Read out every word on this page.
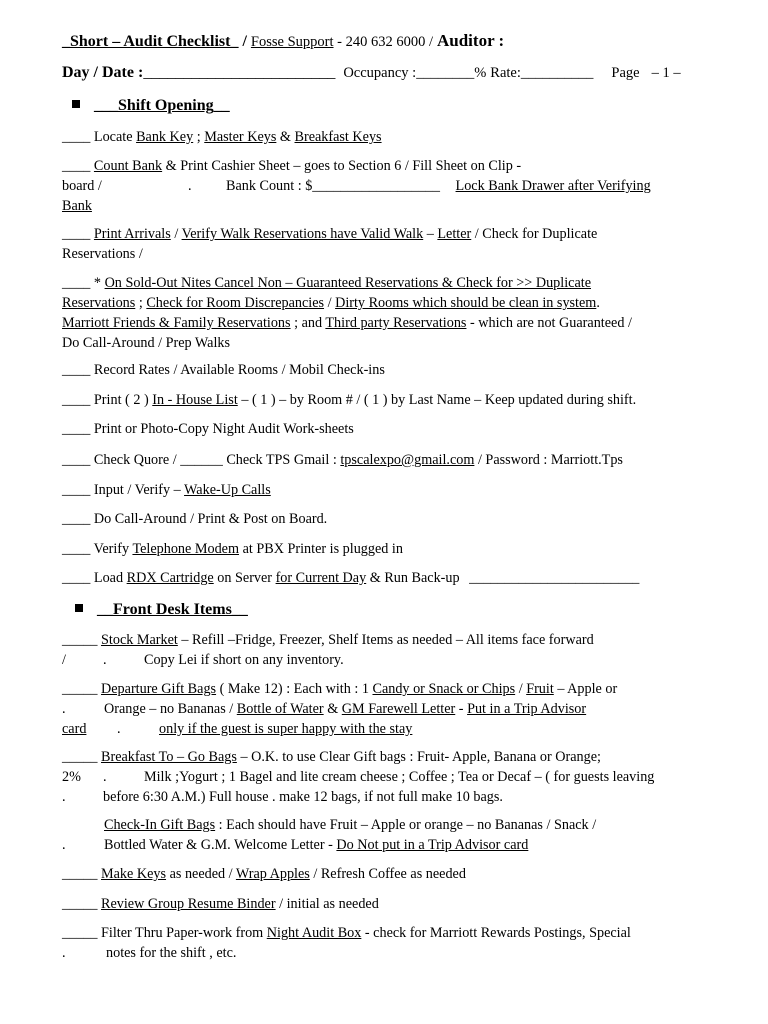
_Short – Audit Checklist_ / Fosse Support - 240 632 6000 / Auditor :
Day / Date :________________________ Occupancy :________% Rate:__________ Page – 1 –
___Shift Opening__
____ Locate Bank Key ; Master Keys & Breakfast Keys
____ Count Bank & Print Cashier Sheet – goes to Section 6 / Fill Sheet on Clip -
board /	. Bank Count : $__________________ Lock Bank Drawer after Verifying
Bank
____ Print Arrivals / Verify Walk Reservations have Valid Walk – Letter / Check for Duplicate
Reservations /
____ * On Sold-Out Nites Cancel Non – Guaranteed Reservations & Check for >> Duplicate
Reservations ; Check for Room Discrepancies / Dirty Rooms which should be clean in system.
Marriott Friends & Family Reservations ; and Third party Reservations - which are not Guaranteed /
Do Call-Around / Prep Walks
____ Record Rates / Available Rooms / Mobil Check-ins
____ Print ( 2 ) In - House List – ( 1 ) – by Room # / ( 1 ) by Last Name – Keep updated during shift.
____ Print or Photo-Copy Night Audit Work-sheets
____ Check Quore / ______ Check TPS Gmail : tpscalexpo@gmail.com / Password : Marriott.Tps
____ Input / Verify – Wake-Up Calls
____ Do Call-Around / Print & Post on Board.
____ Verify Telephone Modem at PBX Printer is plugged in
____ Load RDX Cartridge on Server for Current Day & Run Back-up ________________________
__Front Desk Items__
_____ Stock Market – Refill –Fridge, Freezer, Shelf Items as needed – All items face forward
/	.	Copy Lei if short on any inventory.
_____ Departure Gift Bags ( Make 12) : Each with : 1 Candy or Snack or Chips / Fruit – Apple or
.	Orange – no Bananas / Bottle of Water & GM Farewell Letter - Put in a Trip Advisor
card .	only if the guest is super happy with the stay
_____ Breakfast To – Go Bags – O.K. to use Clear Gift bags : Fruit- Apple, Banana or Orange;
2% .	Milk ;Yogurt ; 1 Bagel and lite cream cheese ; Coffee ; Tea or Decaf – ( for guests leaving
.	before 6:30 A.M.) Full house . make 12 bags, if not full make 10 bags.
Check-In Gift Bags : Each should have Fruit – Apple or orange – no Bananas / Snack /
.	Bottled Water & G.M. Welcome Letter - Do Not put in a Trip Advisor card
_____ Make Keys as needed / Wrap Apples / Refresh Coffee as needed
_____ Review Group Resume Binder / initial as needed
_____ Filter Thru Paper-work from Night Audit Box - check for Marriott Rewards Postings, Special
.	notes for the shift , etc.
